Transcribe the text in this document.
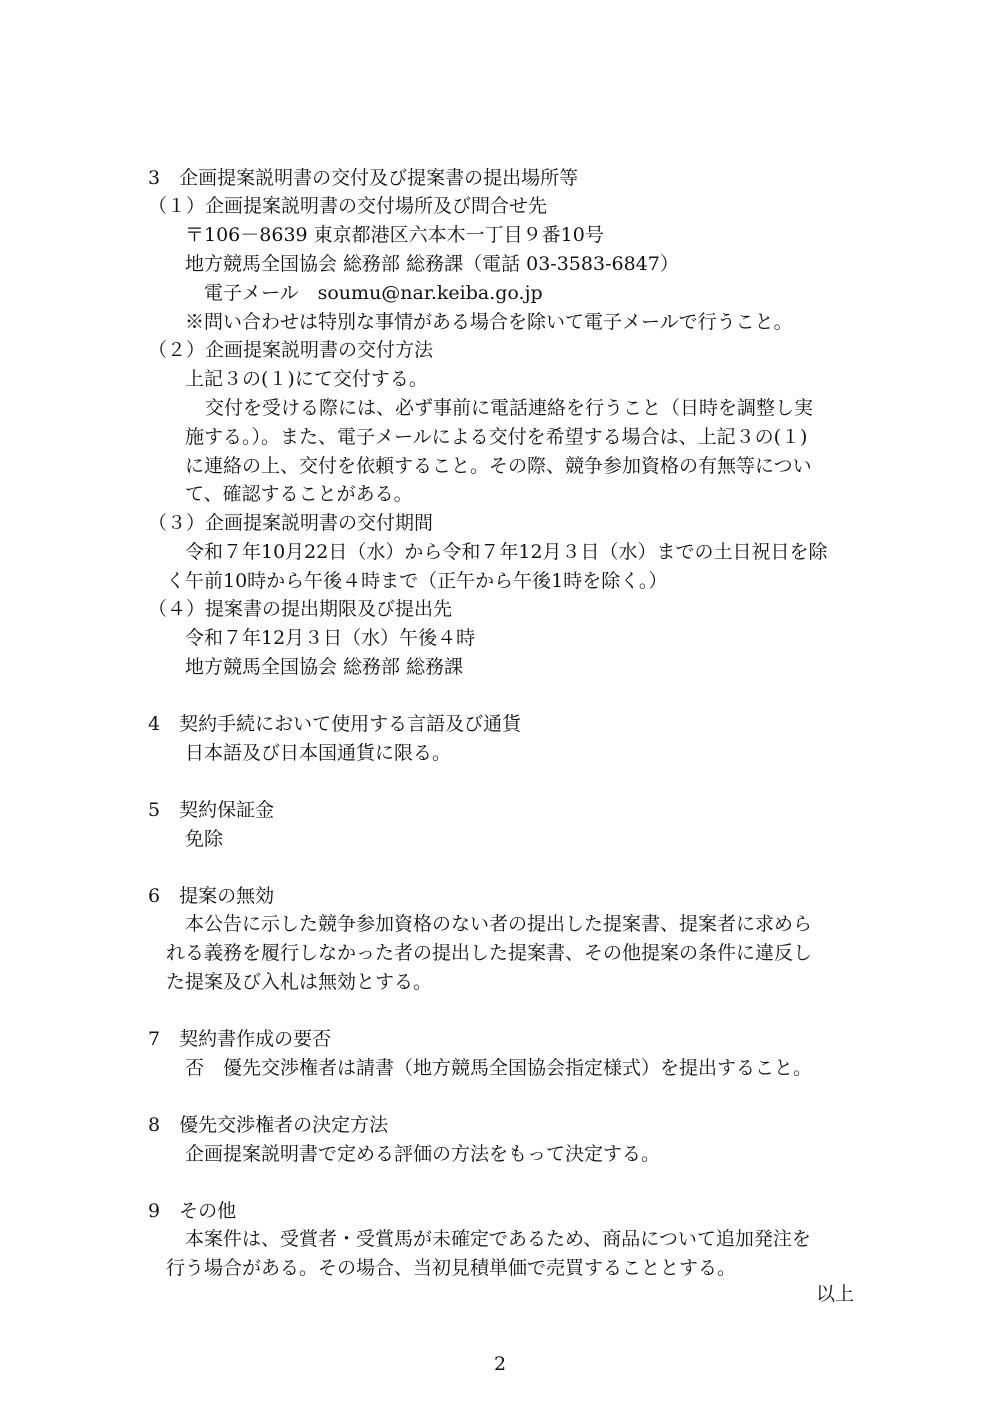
3　企画提案説明書の交付及び提案書の提出場所等
（１）企画提案説明書の交付場所及び問合せ先
〒106－8639 東京都港区六本木一丁目９番10号
地方競馬全国協会 総務部 総務課（電話 03-3583-6847）
電子メール　soumu@nar.keiba.go.jp
※問い合わせは特別な事情がある場合を除いて電子メールで行うこと。
（２）企画提案説明書の交付方法
上記３の(１)にて交付する。
交付を受ける際には、必ず事前に電話連絡を行うこと（日時を調整し実
施する。）。また、電子メールによる交付を希望する場合は、上記３の(１)
に連絡の上、交付を依頼すること。その際、競争参加資格の有無等につい
て、確認することがある。
（３）企画提案説明書の交付期間
令和７年10月22日（水）から令和７年12月３日（水）までの土日祝日を除
く午前10時から午後４時まで（正午から午後1時を除く。）
（４）提案書の提出期限及び提出先
令和７年12月３日（水）午後４時
地方競馬全国協会 総務部 総務課
4　契約手続において使用する言語及び通貨
日本語及び日本国通貨に限る。
5　契約保証金
免除
6　提案の無効
本公告に示した競争参加資格のない者の提出した提案書、提案者に求めら
れる義務を履行しなかった者の提出した提案書、その他提案の条件に違反し
た提案及び入札は無効とする。
7　契約書作成の要否
否　優先交渉権者は請書（地方競馬全国協会指定様式）を提出すること。
8　優先交渉権者の決定方法
企画提案説明書で定める評価の方法をもって決定する。
9　その他
本案件は、受賞者・受賞馬が未確定であるため、商品について追加発注を
行う場合がある。その場合、当初見積単価で売買することとする。
以上
2
